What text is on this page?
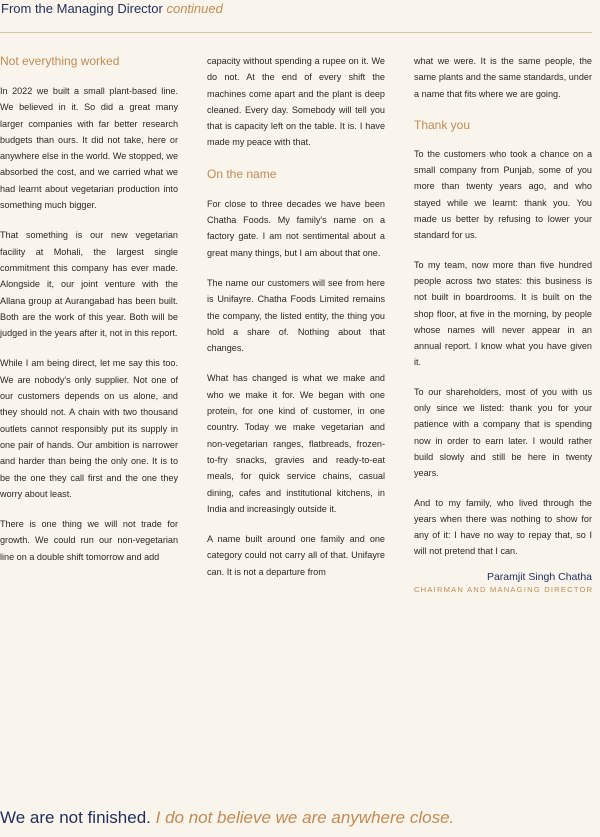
From the Managing Director continued
Not everything worked

In 2022 we built a small plant-based line. We believed in it. So did a great many larger companies with far better research budgets than ours. It did not take, here or anywhere else in the world. We stopped, we absorbed the cost, and we carried what we had learnt about vegetarian production into something much bigger.

That something is our new vegetarian facility at Mohali, the largest single commitment this company has ever made. Alongside it, our joint venture with the Allana group at Aurangabad has been built. Both are the work of this year. Both will be judged in the years after it, not in this report.

While I am being direct, let me say this too. We are nobody's only supplier. Not one of our customers depends on us alone, and they should not. A chain with two thousand outlets cannot responsibly put its supply in one pair of hands. Our ambition is narrower and harder than being the only one. It is to be the one they call first and the one they worry about least.

There is one thing we will not trade for growth. We could run our non-vegetarian line on a double shift tomorrow and add

capacity without spending a rupee on it. We do not. At the end of every shift the machines come apart and the plant is deep cleaned. Every day. Somebody will tell you that is capacity left on the table. It is. I have made my peace with that.

On the name

For close to three decades we have been Chatha Foods. My family's name on a factory gate. I am not sentimental about a great many things, but I am about that one.

The name our customers will see from here is Unifayre. Chatha Foods Limited remains the company, the listed entity, the thing you hold a share of. Nothing about that changes.

What has changed is what we make and who we make it for. We began with one protein, for one kind of customer, in one country. Today we make vegetarian and non-vegetarian ranges, flatbreads, frozen-to-fry snacks, gravies and ready-to-eat meals, for quick service chains, casual dining, cafes and institutional kitchens, in India and increasingly outside it.

A name built around one family and one category could not carry all of that. Unifayre can. It is not a departure from

what we were. It is the same people, the same plants and the same standards, under a name that fits where we are going.

Thank you

To the customers who took a chance on a small company from Punjab, some of you more than twenty years ago, and who stayed while we learnt: thank you. You made us better by refusing to lower your standard for us.

To my team, now more than five hundred people across two states: this business is not built in boardrooms. It is built on the shop floor, at five in the morning, by people whose names will never appear in an annual report. I know what you have given it.

To our shareholders, most of you with us only since we listed: thank you for your patience with a company that is spending now in order to earn later. I would rather build slowly and still be here in twenty years.

And to my family, who lived through the years when there was nothing to show for any of it: I have no way to repay that, so I will not pretend that I can.

Paramjit Singh Chatha
CHAIRMAN AND MANAGING DIRECTOR
We are not finished. I do not believe we are anywhere close.
